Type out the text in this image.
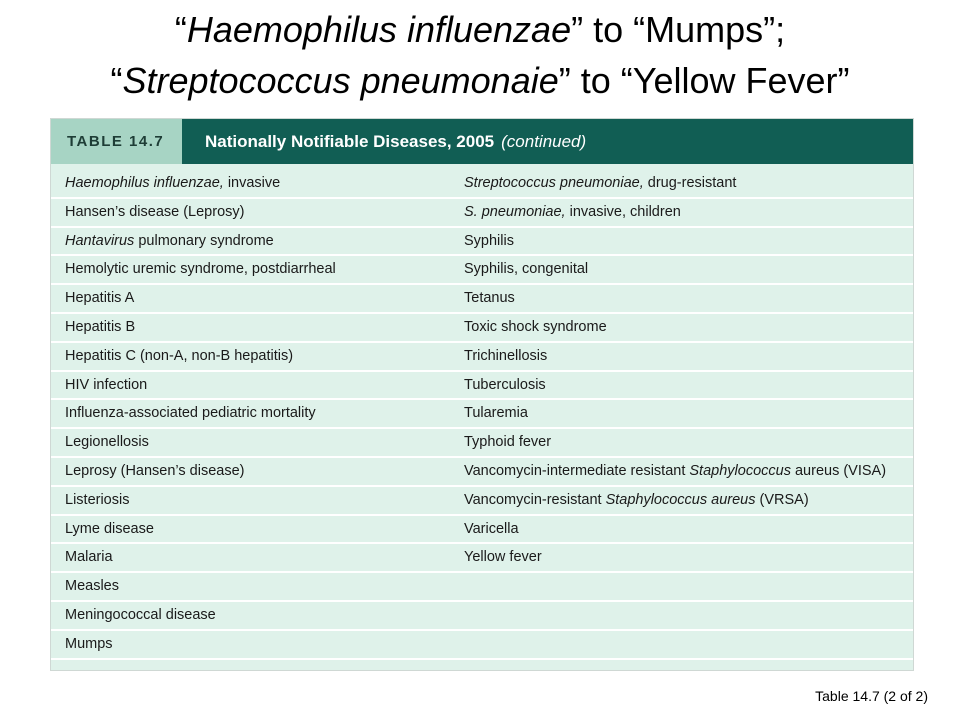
“Haemophilus influenzae” to “Mumps”;
“Streptococcus pneumonaie” to “Yellow Fever”
TABLE 14.7	Nationally Notifiable Diseases, 2005 (continued)
Haemophilus influenzae, invasive	Streptococcus pneumoniae, drug-resistant
Hansen’s disease (Leprosy)	S. pneumoniae, invasive, children
Hantavirus pulmonary syndrome	Syphilis
Hemolytic uremic syndrome, postdiarrheal	Syphilis, congenital
Hepatitis A	Tetanus
Hepatitis B	Toxic shock syndrome
Hepatitis C (non-A, non-B hepatitis)	Trichinellosis
HIV infection	Tuberculosis
Influenza-associated pediatric mortality	Tularemia
Legionellosis	Typhoid fever
Leprosy (Hansen’s disease)	Vancomycin-intermediate resistant Staphylococcus aureus (VISA)
Listeriosis	Vancomycin-resistant Staphylococcus aureus (VRSA)
Lyme disease	Varicella
Malaria	Yellow fever
Measles
Meningococcal disease
Mumps
Table 14.7 (2 of 2)
